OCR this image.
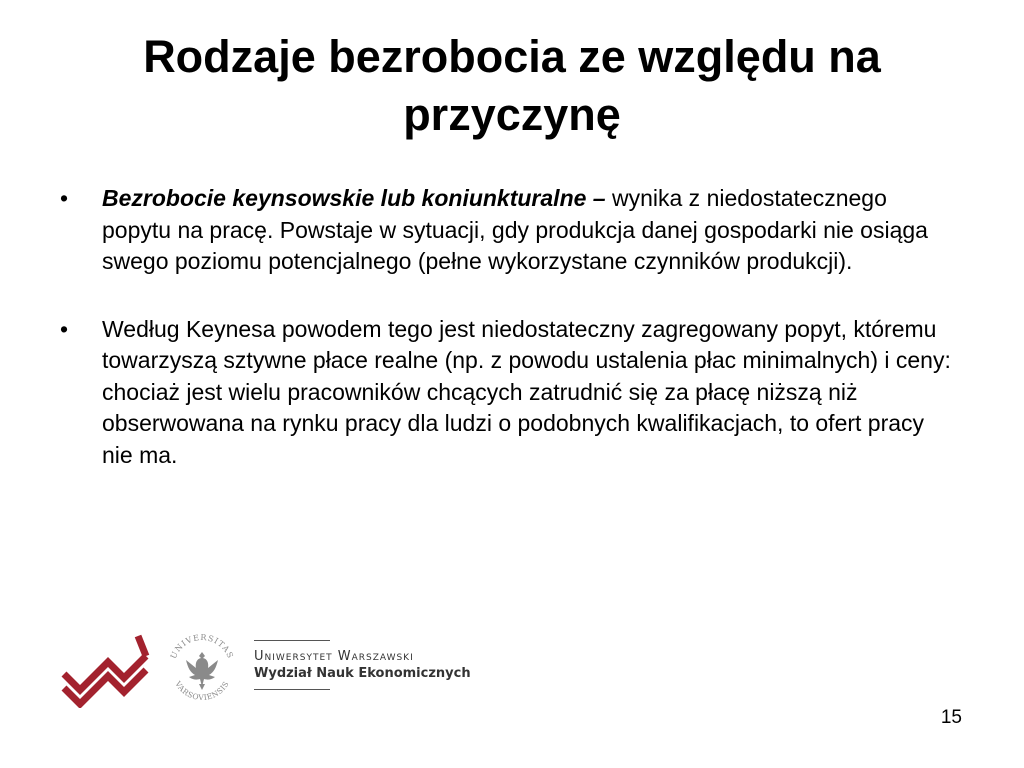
Rodzaje bezrobocia ze względu na przyczynę
• Bezrobocie keynsowskie lub koniunkturalne – wynika z niedostatecznego popytu na pracę. Powstaje w sytuacji, gdy produkcja danej gospodarki nie osiąga swego poziomu potencjalnego (pełne wykorzystane czynników produkcji).
• Według Keynesa powodem tego jest niedostateczny zagregowany popyt, któremu towarzyszą sztywne płace realne (np. z powodu ustalenia płac minimalnych) i ceny: chociaż jest wielu pracowników chcących zatrudnić się za płacę niższą niż obserwowana na rynku pracy dla ludzi o podobnych kwalifikacjach, to ofert pracy nie ma.
UNIVERSITAS
VARSOVIENSIS
Uniwersytet Warszawski
Wydział Nauk Ekonomicznych
15
